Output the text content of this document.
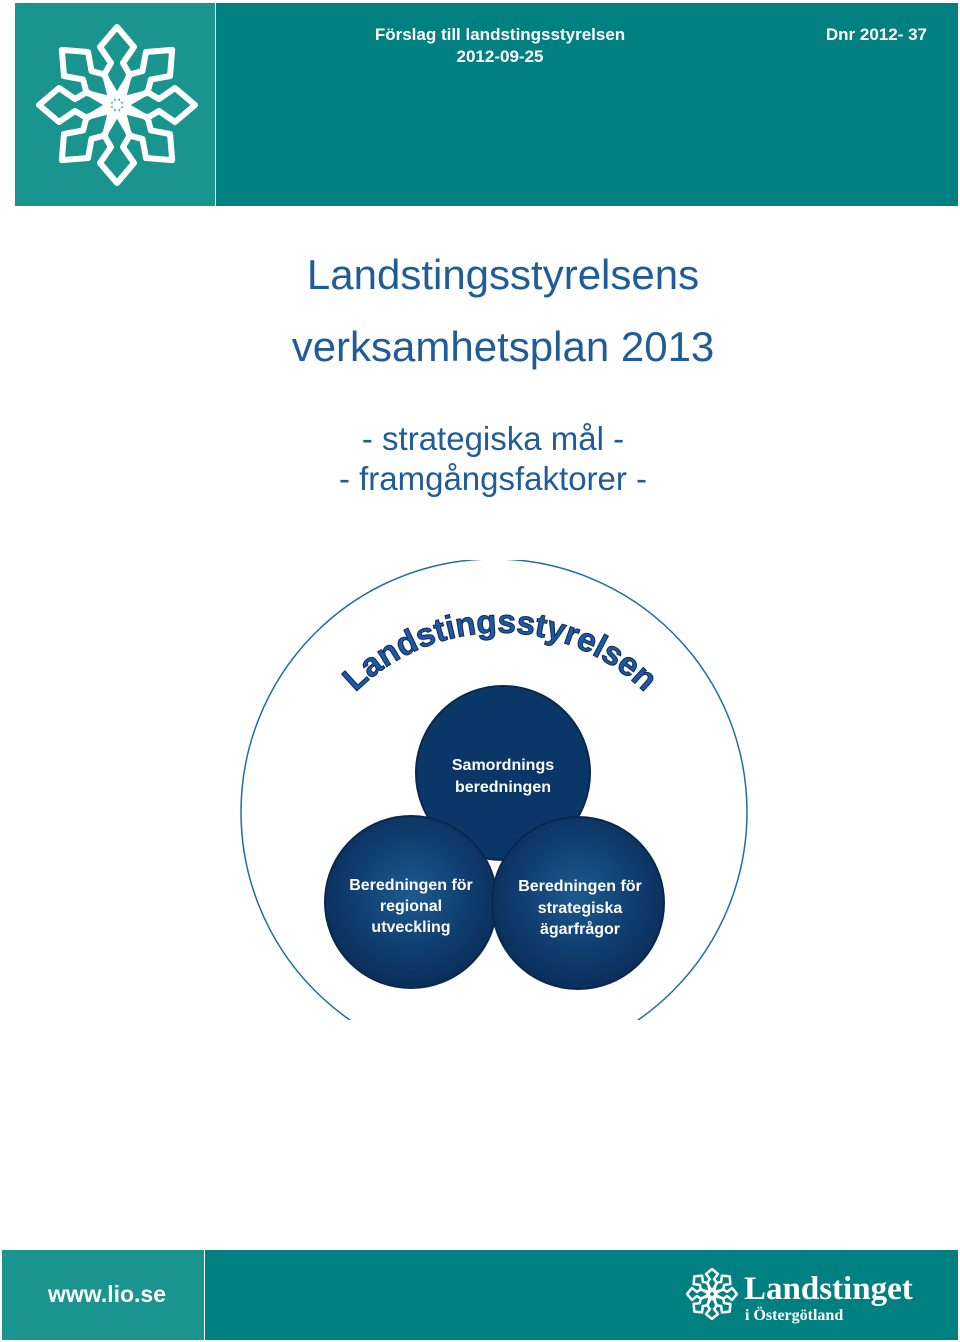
Förslag till landstingsstyrelsen
2012-09-25
Dnr 2012- 37
Landstingsstyrelsens
verksamhetsplan 2013
- strategiska mål -
- framgångsfaktorer -
Landstingsstyrelsen
Samordnings
beredningen
Beredningen för
regional
utveckling
Beredningen för
strategiska
ägarfrågor
www.lio.se	Landstinget
i Östergötland
